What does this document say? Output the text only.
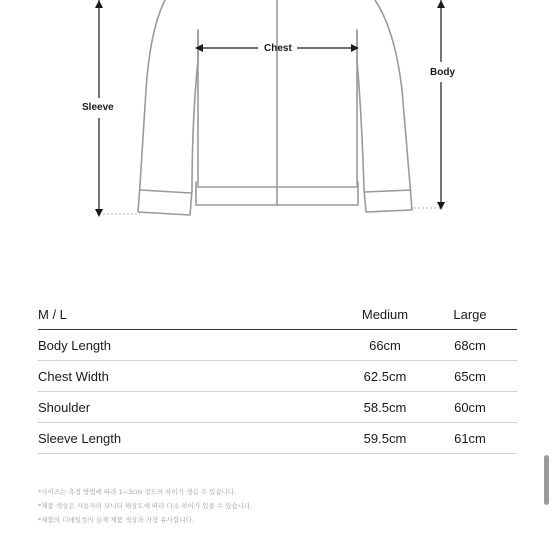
Chest
Body
Sleeve
M / L	Medium	Large
Body Length	66cm	68cm
Chest Width	62.5cm	65cm
Shoulder	58.5cm	60cm
Sleeve Length	59.5cm	61cm
*사이즈는 측정 방법에 따라 1~3cm 정도의 차이가 생길 수 있습니다.
*제품 색상은 사용자의 모니터 해상도에 따라 다소 차이가 있을 수 있습니다.
*제품의 디테일컷의 실제 제품 색상과 가장 유사합니다.
